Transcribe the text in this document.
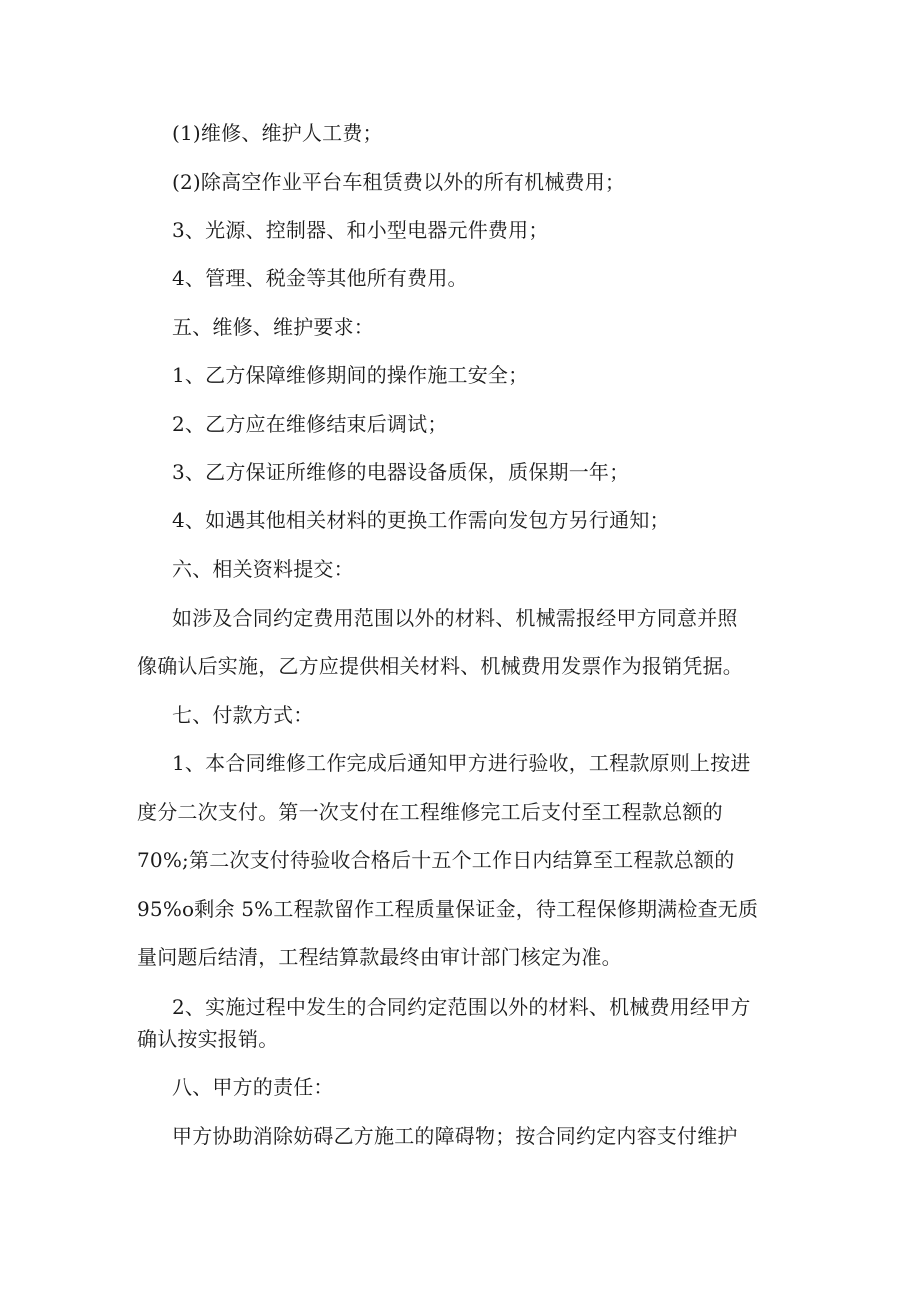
(1)维修、维护人工费；
(2)除高空作业平台车租赁费以外的所有机械费用；
3、光源、控制器、和小型电器元件费用；
4、管理、税金等其他所有费用。
五、维修、维护要求：
1、乙方保障维修期间的操作施工安全；
2、乙方应在维修结束后调试；
3、乙方保证所维修的电器设备质保，质保期一年；
4、如遇其他相关材料的更换工作需向发包方另行通知；
六、相关资料提交：
如涉及合同约定费用范围以外的材料、机械需报经甲方同意并照
像确认后实施，乙方应提供相关材料、机械费用发票作为报销凭据。
七、付款方式：
1、本合同维修工作完成后通知甲方进行验收，工程款原则上按进
度分二次支付。第一次支付在工程维修完工后支付至工程款总额的
70%;第二次支付待验收合格后十五个工作日内结算至工程款总额的
95%o剩余 5%工程款留作工程质量保证金，待工程保修期满检查无质
量问题后结清，工程结算款最终由审计部门核定为准。
2、实施过程中发生的合同约定范围以外的材料、机械费用经甲方
确认按实报销。
八、甲方的责任：
甲方协助消除妨碍乙方施工的障碍物；按合同约定内容支付维护
